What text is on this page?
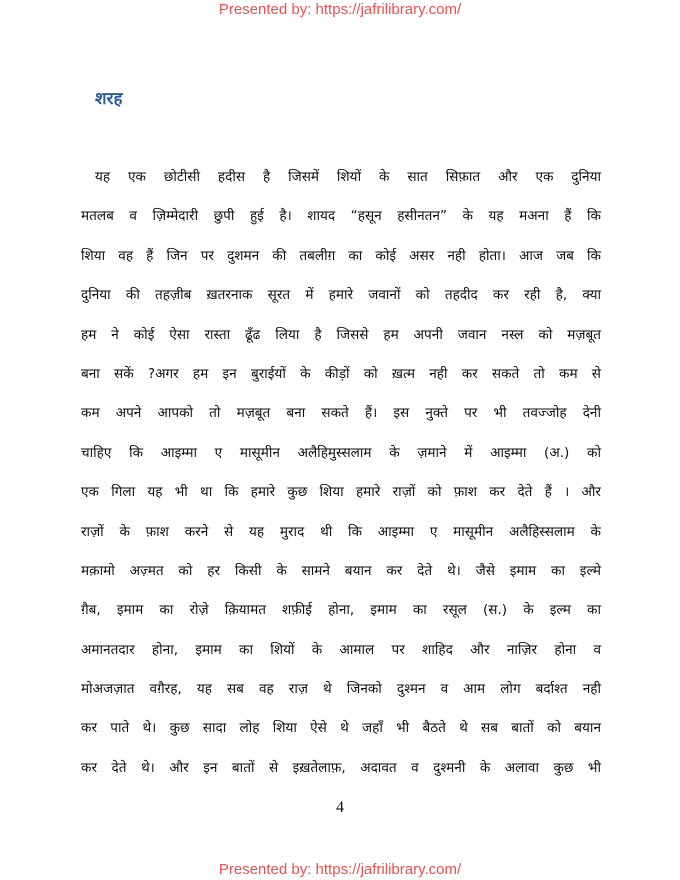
Presented by: https://jafrilibrary.com/
शरह
यह एक छोटीसी हदीस है जिसमें शियों के सात सिफ़ात और एक दुनिया
मतलब व ज़िम्मेदारी छुपी हुई है। शायद “हसून हसीनतन” के यह मअना हैं कि
शिया वह हैं जिन पर दुशमन की तबलीग़ का कोई असर नही होता। आज जब कि
दुनिया की तहज़ीब ख़तरनाक सूरत में हमारे जवानों को तहदीद कर रही है, क्या
हम ने कोई ऐसा रास्ता ढूँढ लिया है जिससे हम अपनी जवान नस्ल को मज़बूत
बना सकें ?अगर हम इन बुराईयों के कीड़ों को ख़त्म नही कर सकते तो कम से
कम अपने आपको तो मज़बूत बना सकते हैं। इस नुक्ते पर भी तवज्जोह देनी
चाहिए कि आइम्मा ए मासूमीन अलैहिमुस्सलाम के ज़माने में आइम्मा (अ.) को
एक गिला यह भी था कि हमारे कुछ शिया हमारे राज़ों को फ़ाश कर देते हैं । और
राज़ों के फ़ाश करने से यह मुराद थी कि आइम्मा ए मासूमीन अलैहिस्सलाम के
मक़ामो अज़्मत को हर किसी के सामने बयान कर देते थे। जैसे इमाम का इल्मे
ग़ैब, इमाम का रोज़े क़ियामत शफ़ीई होना, इमाम का रसूल (स.) के इल्म का
अमानतदार होना, इमाम का शियों के आमाल पर शाहिद और नाज़िर होना व
मोअजज़ात वग़ैरह, यह सब वह राज़ थे जिनको दुश्मन व आम लोग बर्दाश्त नही
कर पाते थे। कुछ सादा लोह शिया ऐसे थे जहाँ भी बैठते थे सब बातों को बयान
कर देते थे। और इन बातों से इख़तेलाफ़, अदावत व दुश्मनी के अलावा कुछ भी
4
Presented by: https://jafrilibrary.com/
